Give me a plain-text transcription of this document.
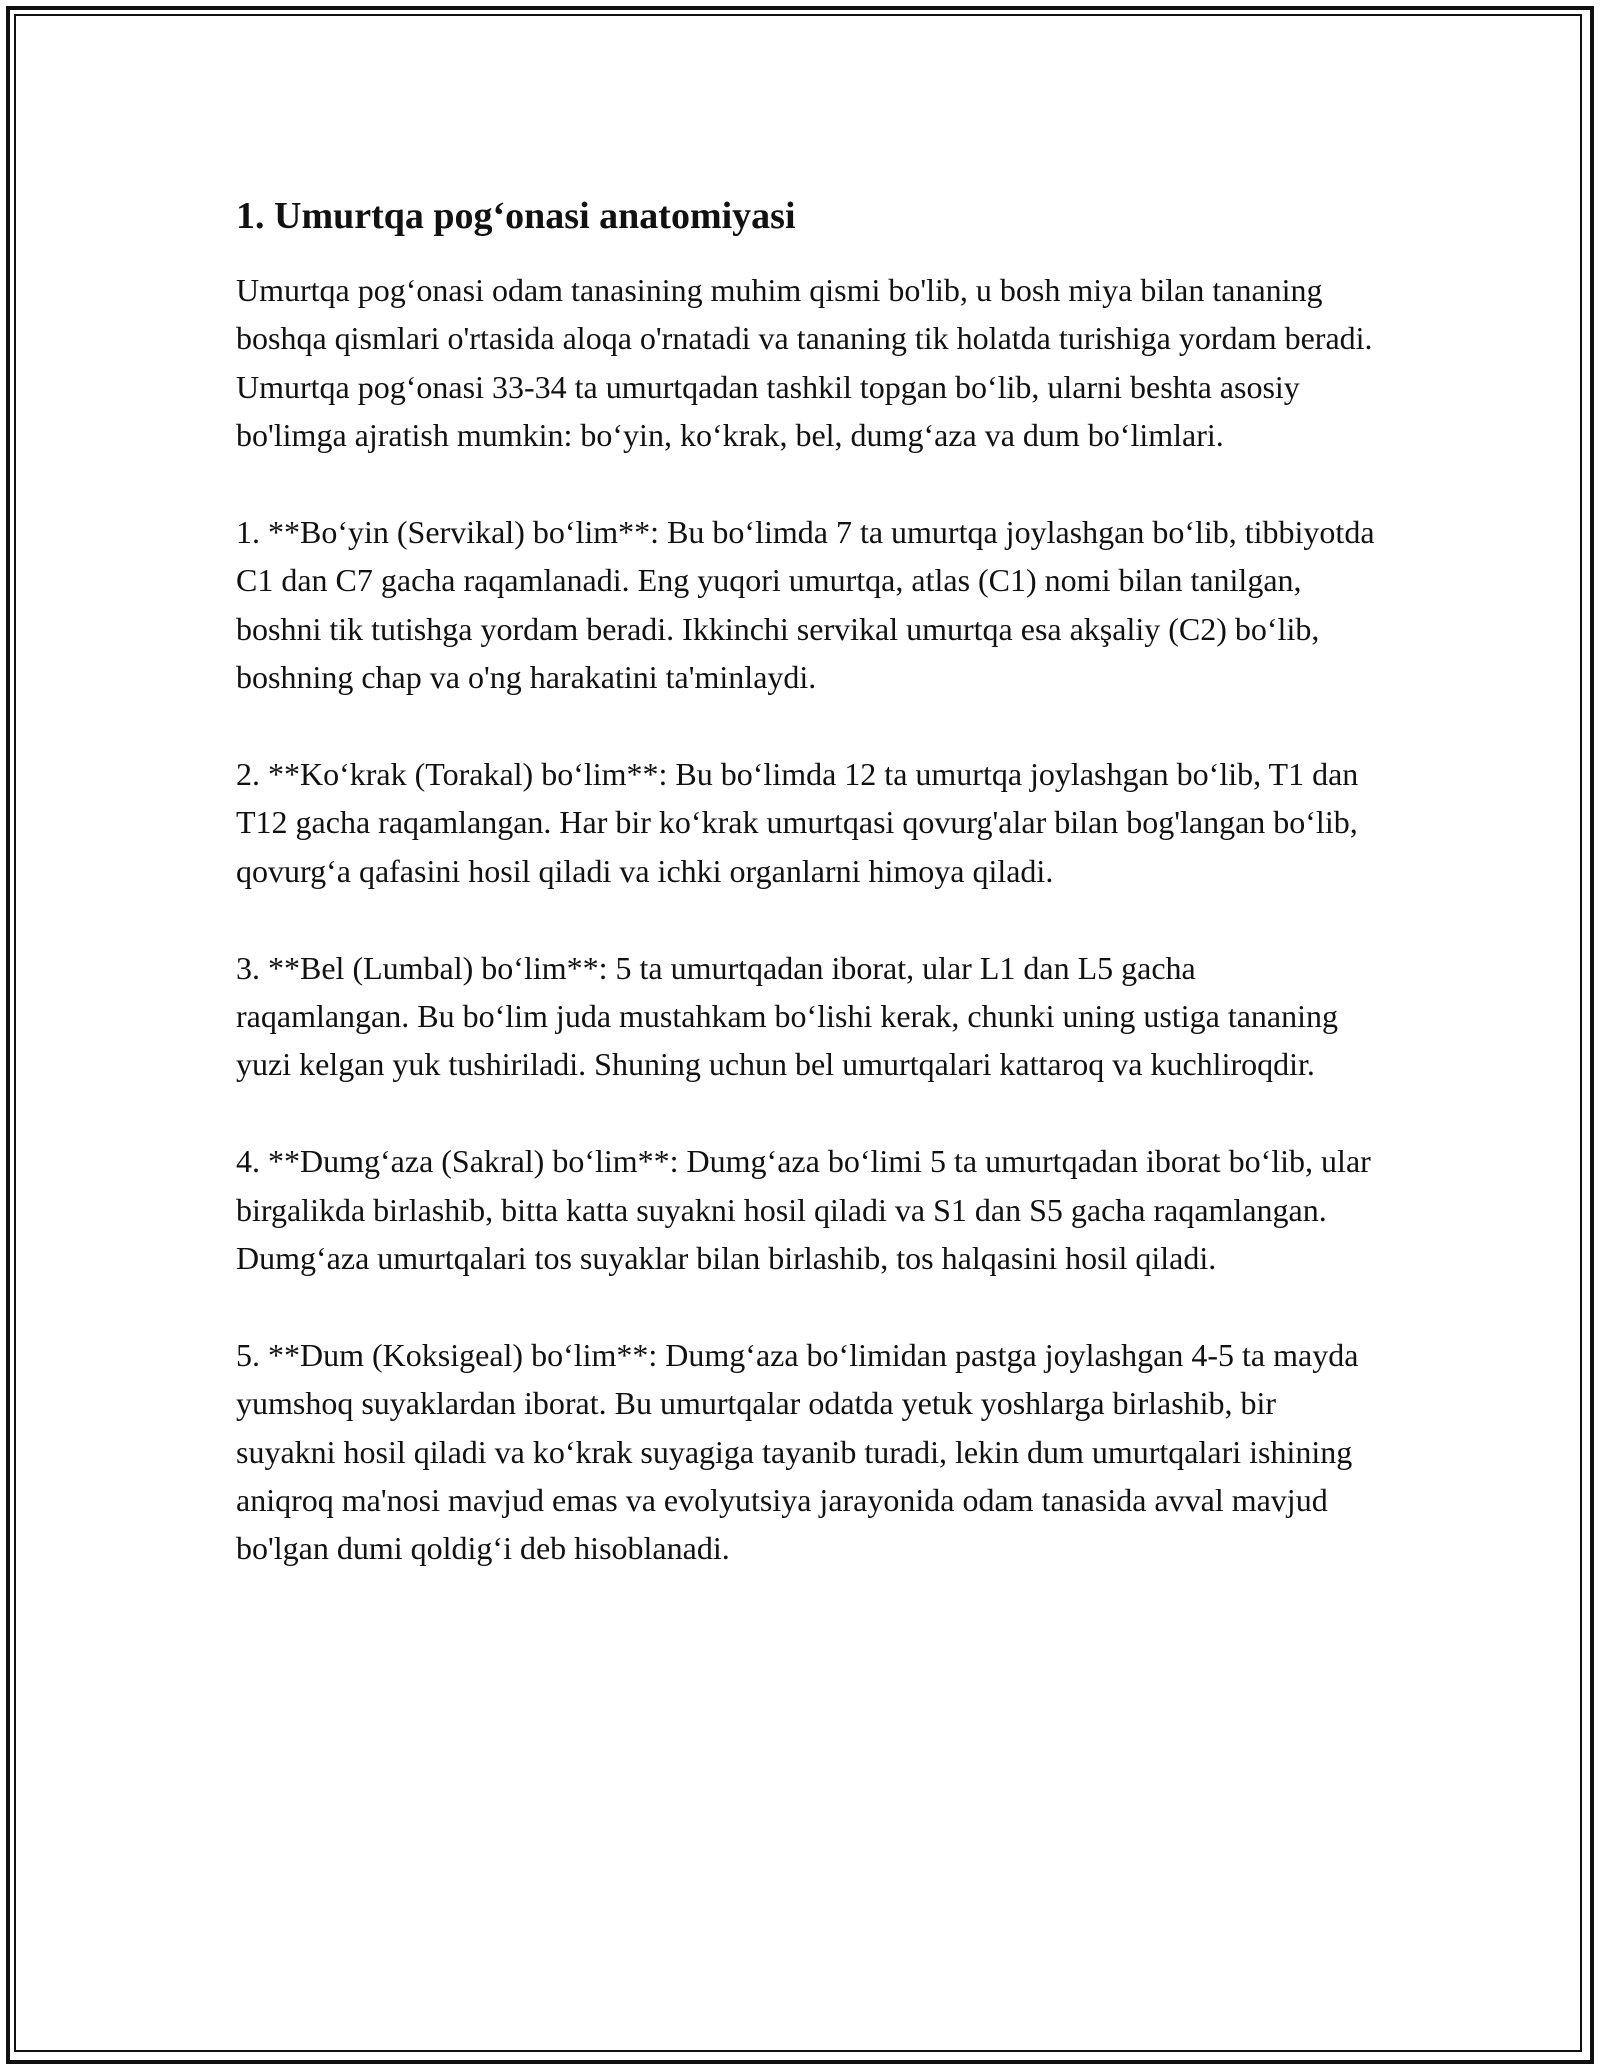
1. Umurtqa pog‘onasi anatomiyasi

Umurtqa pog‘onasi odam tanasining muhim qismi bo'lib, u bosh miya bilan tananing boshqa qismlari o'rtasida aloqa o'rnatadi va tananing tik holatda turishiga yordam beradi. Umurtqa pog‘onasi 33-34 ta umurtqadan tashkil topgan bo‘lib, ularni beshta asosiy bo'limga ajratish mumkin: bo‘yin, ko‘krak, bel, dumg‘aza va dum bo‘limlari.

1. **Bo‘yin (Servikal) bo‘lim**: Bu bo‘limda 7 ta umurtqa joylashgan bo‘lib, tibbiyotda C1 dan C7 gacha raqamlanadi. Eng yuqori umurtqa, atlas (C1) nomi bilan tanilgan, boshni tik tutishga yordam beradi. Ikkinchi servikal umurtqa esa akşaliy (C2) bo‘lib, boshning chap va o'ng harakatini ta'minlaydi.

2. **Ko‘krak (Torakal) bo‘lim**: Bu bo‘limda 12 ta umurtqa joylashgan bo‘lib, T1 dan T12 gacha raqamlangan. Har bir ko‘krak umurtqasi qovurg'alar bilan bog'langan bo‘lib, qovurg‘a qafasini hosil qiladi va ichki organlarni himoya qiladi.

3. **Bel (Lumbal) bo‘lim**: 5 ta umurtqadan iborat, ular L1 dan L5 gacha raqamlangan. Bu bo‘lim juda mustahkam bo‘lishi kerak, chunki uning ustiga tananing yuzi kelgan yuk tushiriladi. Shuning uchun bel umurtqalari kattaroq va kuchliroqdir.

4. **Dumg‘aza (Sakral) bo‘lim**: Dumg‘aza bo‘limi 5 ta umurtqadan iborat bo‘lib, ular birgalikda birlashib, bitta katta suyakni hosil qiladi va S1 dan S5 gacha raqamlangan. Dumg‘aza umurtqalari tos suyaklar bilan birlashib, tos halqasini hosil qiladi.

5. **Dum (Koksigeal) bo‘lim**: Dumg‘aza bo‘limidan pastga joylashgan 4-5 ta mayda yumshoq suyaklardan iborat. Bu umurtqalar odatda yetuk yoshlarga birlashib, bir suyakni hosil qiladi va ko‘krak suyagiga tayanib turadi, lekin dum umurtqalari ishining aniqroq ma'nosi mavjud emas va evolyutsiya jarayonida odam tanasida avval mavjud bo'lgan dumi qoldig‘i deb hisoblanadi.
